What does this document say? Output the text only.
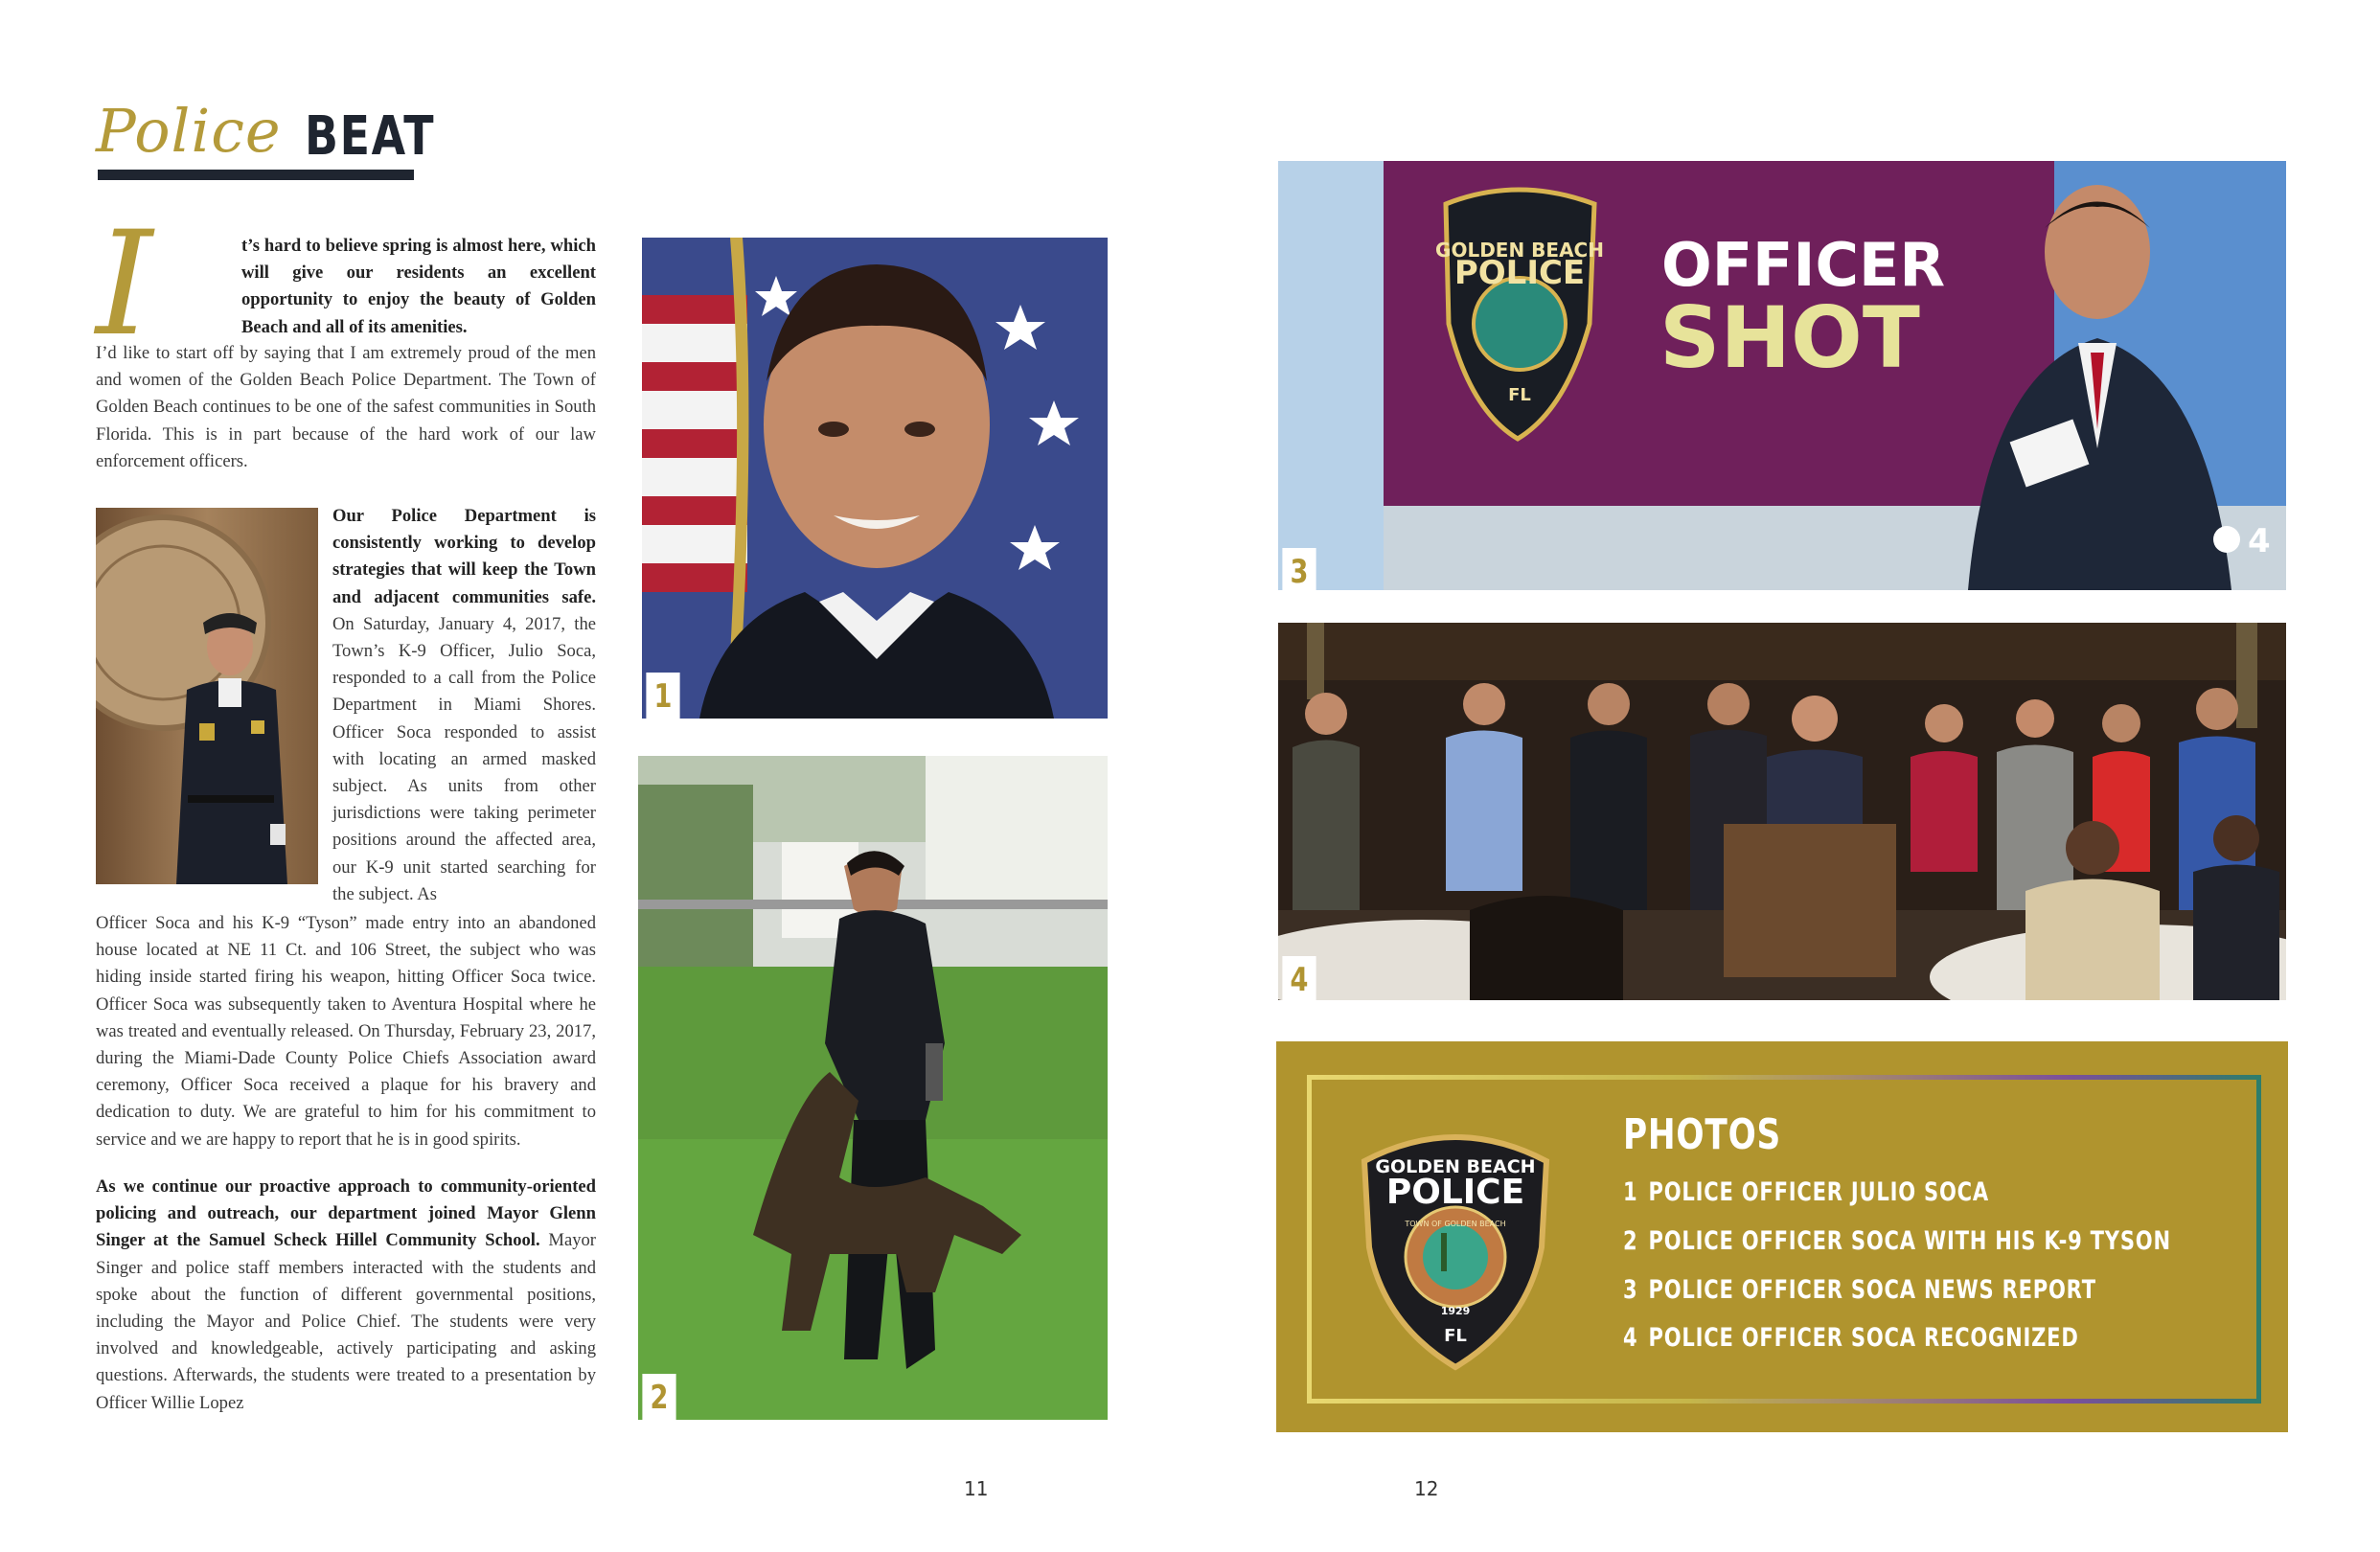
Police BEAT
I	t’s hard to believe spring is almost here, which will give our residents an excellent opportunity to enjoy the beauty of Golden Beach and all of its amenities.
I’d like to start off by saying that I am extremely proud of the men and women of the Golden Beach Police Department. The Town of Golden Beach continues to be one of the safest communities in South Florida. This is in part because of the hard work of our law enforcement officers.
Our Police Department is consistently working to develop strategies that will keep the Town and adjacent communities safe. On Saturday, January 4, 2017, the Town’s K-9 Officer, Julio Soca, responded to a call from the Police Department in Miami Shores. Officer Soca responded to assist with locating an armed masked subject. As units from other jurisdictions were taking perimeter positions around the affected area, our K-9 unit started searching for the subject. As
Officer Soca and his K-9 “Tyson” made entry into an abandoned house located at NE 11 Ct. and 106 Street, the subject who was hiding inside started firing his weapon, hitting Officer Soca twice. Officer Soca was subsequently taken to Aventura Hospital where he was treated and eventually released. On Thursday, February 23, 2017, during the Miami-Dade County Police Chiefs Association award ceremony, Officer Soca received a plaque for his bravery and dedication to duty. We are grateful to him for his commitment to service and we are happy to report that he is in good spirits.
As we continue our proactive approach to community-oriented policing and outreach, our department joined Mayor Glenn Singer at the Samuel Scheck Hillel Community School. Mayor Singer and police staff members interacted with the students and spoke about the function of different governmental positions, including the Mayor and Police Chief. The students were very involved and knowledgeable, actively participating and asking questions. Afterwards, the students were treated to a presentation by Officer Willie Lopez
1
2
GOLDEN BEACH
POLICE
FL
OFFICER
SHOT
4
3
4
GOLDEN BEACH
POLICE
1929
FL
TOWN OF GOLDEN BEACH
PHOTOS
1 POLICE OFFICER JULIO SOCA
2 POLICE OFFICER SOCA WITH HIS K-9 TYSON
3 POLICE OFFICER SOCA NEWS REPORT
4 POLICE OFFICER SOCA RECOGNIZED
11	12
